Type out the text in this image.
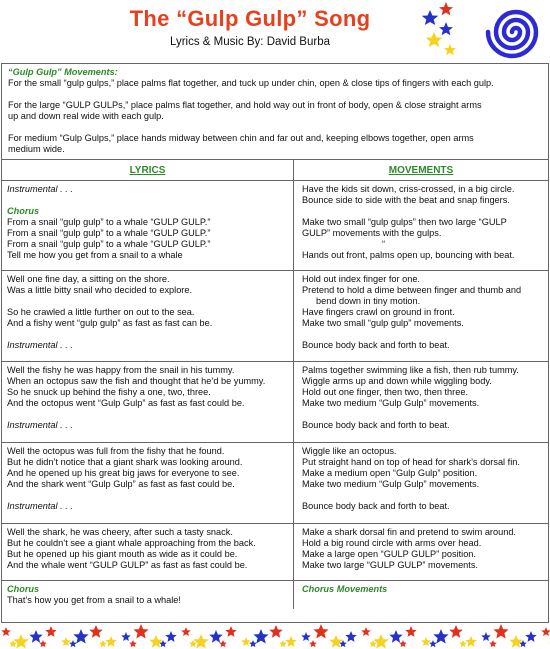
The “Gulp Gulp” Song
Lyrics & Music By: David Burba
“Gulp Gulp” Movements:

For the small “gulp gulps,” place palms flat together, and tuck up under chin, open & close tips of fingers with each gulp.

For the large “GULP GULPs,” place palms flat together, and hold way out in front of body, open & close straight arms
up and down real wide with each gulp.
For medium “Gulp Gulps,” place hands midway between chin and far out and, keeping elbows together, open arms
medium wide.
LYRICS	MOVEMENTS
Instrumental . . .
Chorus
From a snail “gulp gulp” to a whale “GULP GULP.”
From a snail “gulp gulp” to a whale “GULP GULP.”
From a snail “gulp gulp” to a whale “GULP GULP.”
Tell me how you get from a snail to a whale
Have the kids sit down, criss-crossed, in a big circle.
Bounce side to side with the beat and snap fingers.
Make two small “gulp gulps” then two large “GULP
GULP” movements with the gulps.
“
Hands out front, palms open up, bouncing with beat.
Well one fine day, a sitting on the shore.
Was a little bitty snail who decided to explore.
So he crawled a little further on out to the sea.
And a fishy went “gulp gulp” as fast as fast can be.
Instrumental . . .
Hold out index finger for one.
Pretend to hold a dime between finger and thumb and
bend down in tiny motion.
Have fingers crawl on ground in front.
Make two small “gulp gulp” movements.
Bounce body back and forth to beat.
Well the fishy he was happy from the snail in his tummy.
When an octopus saw the fish and thought that he’d be yummy.
So he snuck up behind the fishy a one, two, three.
And the octopus went “Gulp Gulp” as fast as fast could be.
Instrumental . . .
Palms together swimming like a fish, then rub tummy.
Wiggle arms up and down while wiggling body.
Hold out one finger, then two, then three.
Make two medium “Gulp Gulp” movements.
Bounce body back and forth to beat.
Well the octopus was full from the fishy that he found.
But he didn’t notice that a giant shark was looking around.
And he opened up his great big jaws for everyone to see.
And the shark went “Gulp Gulp” as fast as fast could be.
Instrumental . . .
Wiggle like an octopus.
Put straight hand on top of head for shark’s dorsal fin.
Make a medium open “Gulp Gulp” position.
Make two medium “Gulp Gulp” movements.
Bounce body back and forth to beat.
Well the shark, he was cheery, after such a tasty snack.
But he couldn’t see a giant whale approaching from the back.
But he opened up his giant mouth as wide as it could be.
And the whale went “GULP GULP” as fast as fast could be.
Make a shark dorsal fin and pretend to swim around.
Hold a big round circle with arms over head.
Make a large open “GULP GULP” position.
Make two large “GULP GULP” movements.
Chorus
That’s how you get from a snail to a whale!
Chorus Movements
